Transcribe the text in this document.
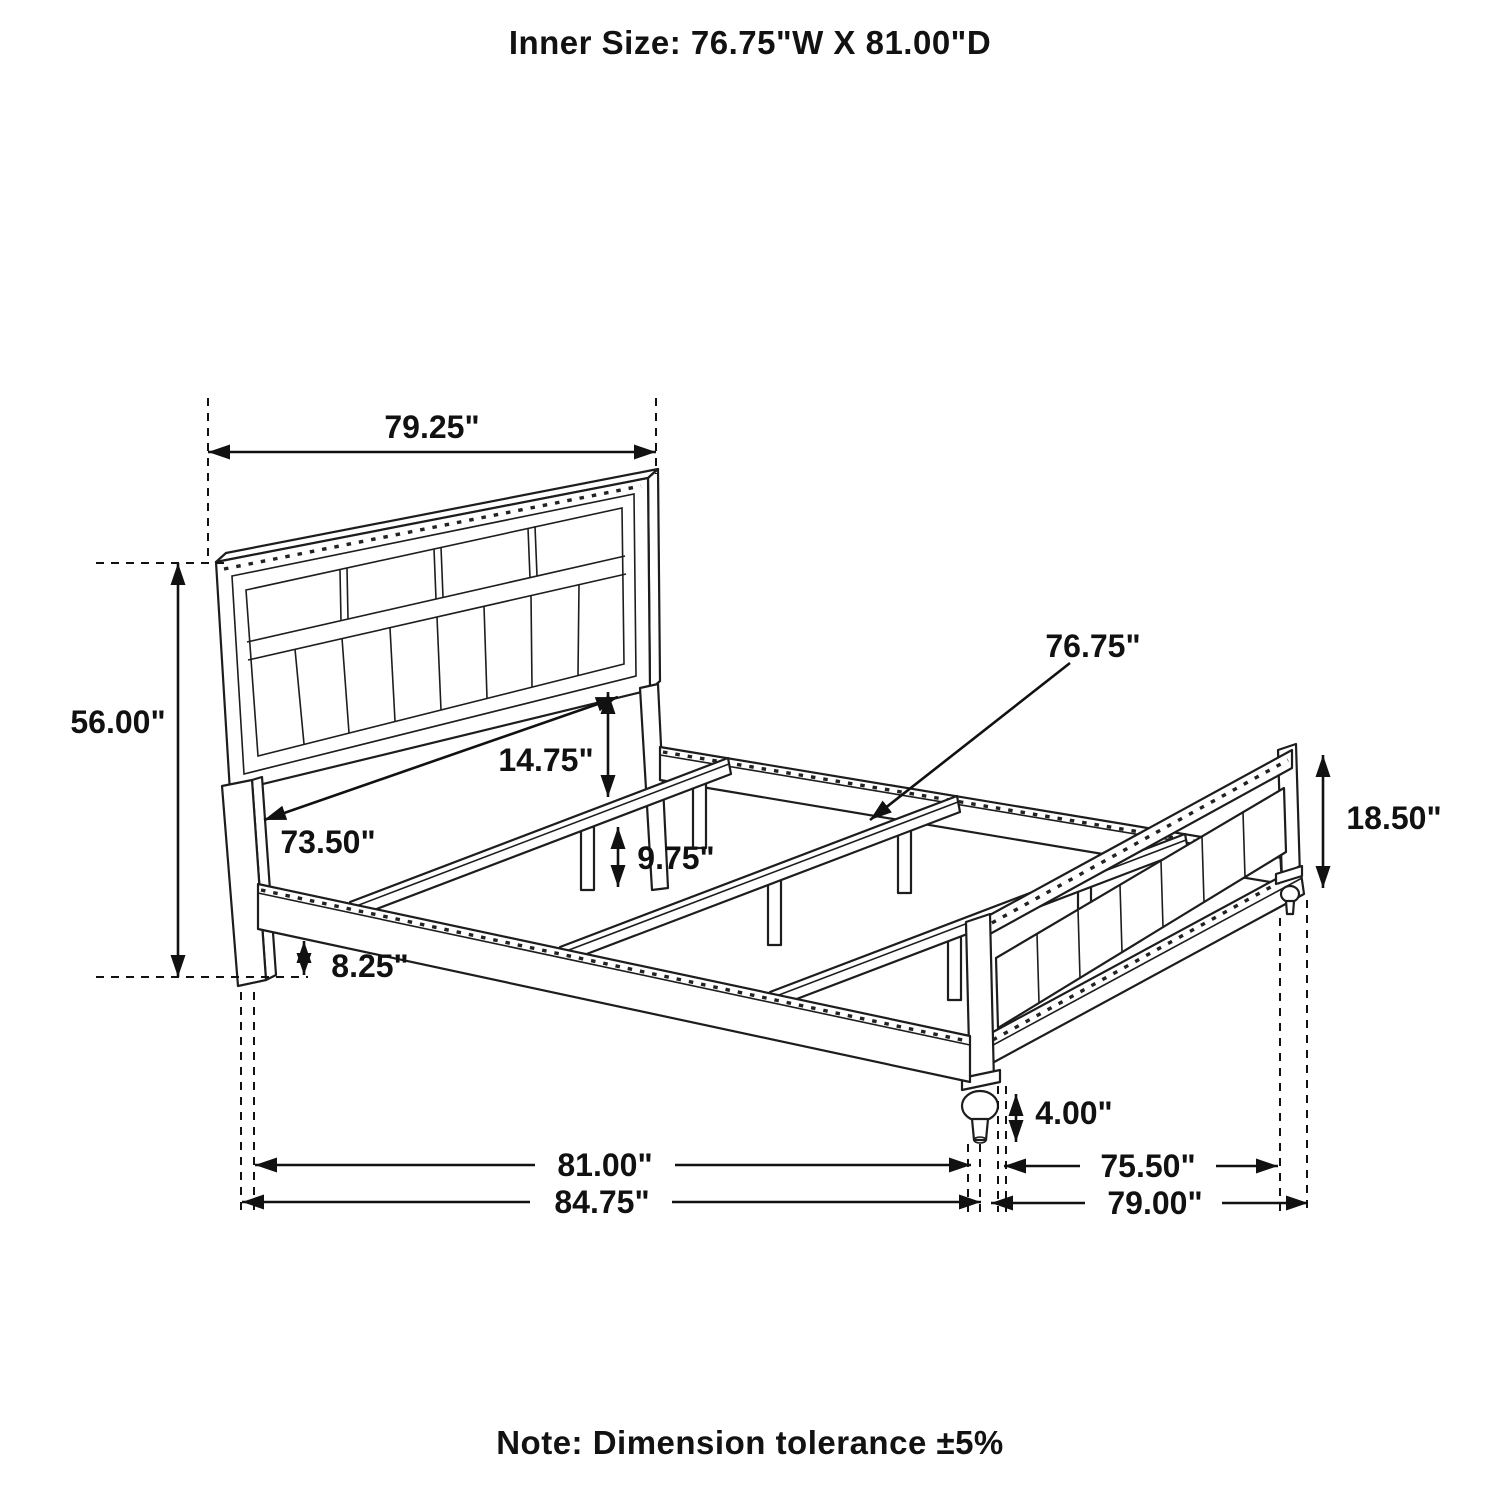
Inner Size: 76.75"W X 81.00"D
79.25"
56.00"
73.50"
14.75"
9.75"
8.25"
76.75"
18.50"
4.00"
81.00"
84.75"
75.50"
79.00"
Note: Dimension tolerance ±5%
